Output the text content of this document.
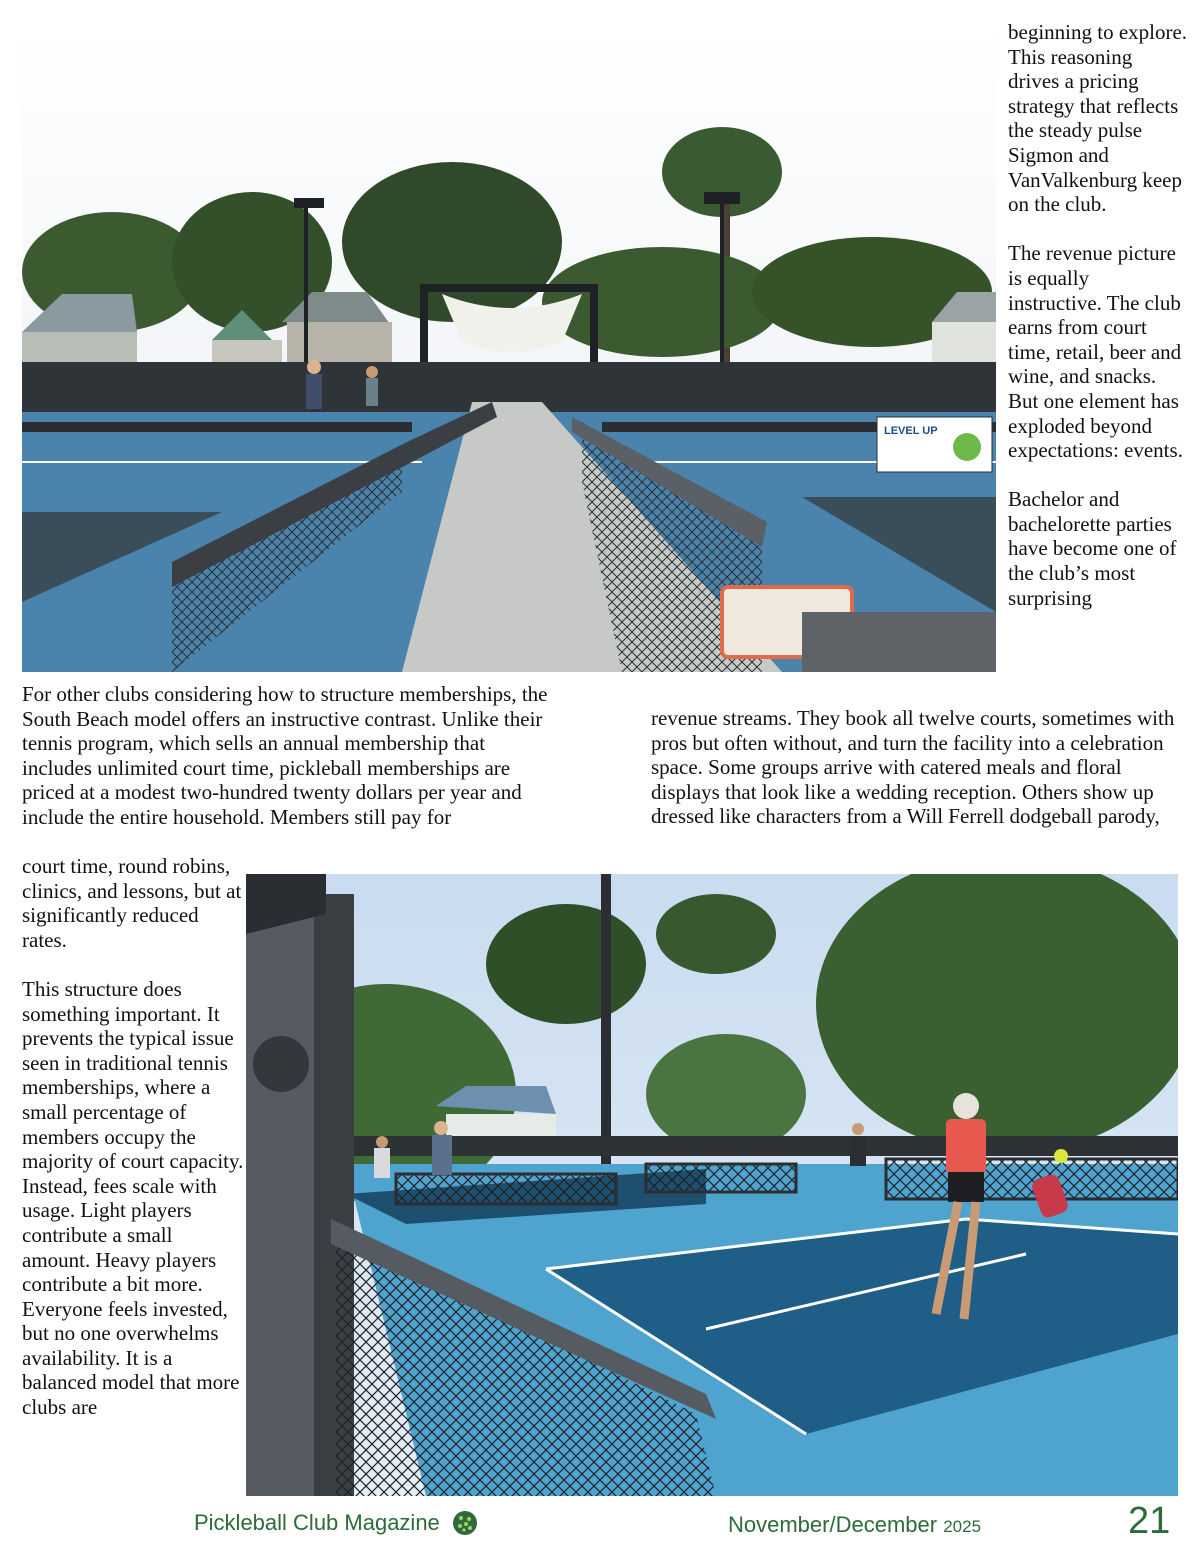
LEVEL UP

beginning to explore. This reasoning drives a pricing strategy that reflects the steady pulse Sigmon and VanValkenburg keep on the club.

The revenue picture is equally instructive. The club earns from court time, retail, beer and wine, and snacks. But one element has exploded beyond expectations: events.

Bachelor and bachelorette parties have become one of the club’s most surprising

For other clubs considering how to structure memberships, the South Beach model offers an instructive contrast. Unlike their tennis program, which sells an annual membership that includes unlimited court time, pickleball memberships are priced at a modest two-hundred twenty dollars per year and include the entire household. Members still pay for

revenue streams. They book all twelve courts, sometimes with pros but often without, and turn the facility into a celebration space. Some groups arrive with catered meals and floral displays that look like a wedding reception. Others show up dressed like characters from a Will Ferrell dodgeball parody,

court time, round robins, clinics, and lessons, but at significantly reduced rates.

This structure does something important. It prevents the typical issue seen in traditional tennis memberships, where a small percentage of members occupy the majority of court capacity. Instead, fees scale with usage. Light players contribute a small amount. Heavy players contribute a bit more. Everyone feels invested, but no one overwhelms availability. It is a balanced model that more clubs are

Pickleball Club Magazine	November/December 2025	21
